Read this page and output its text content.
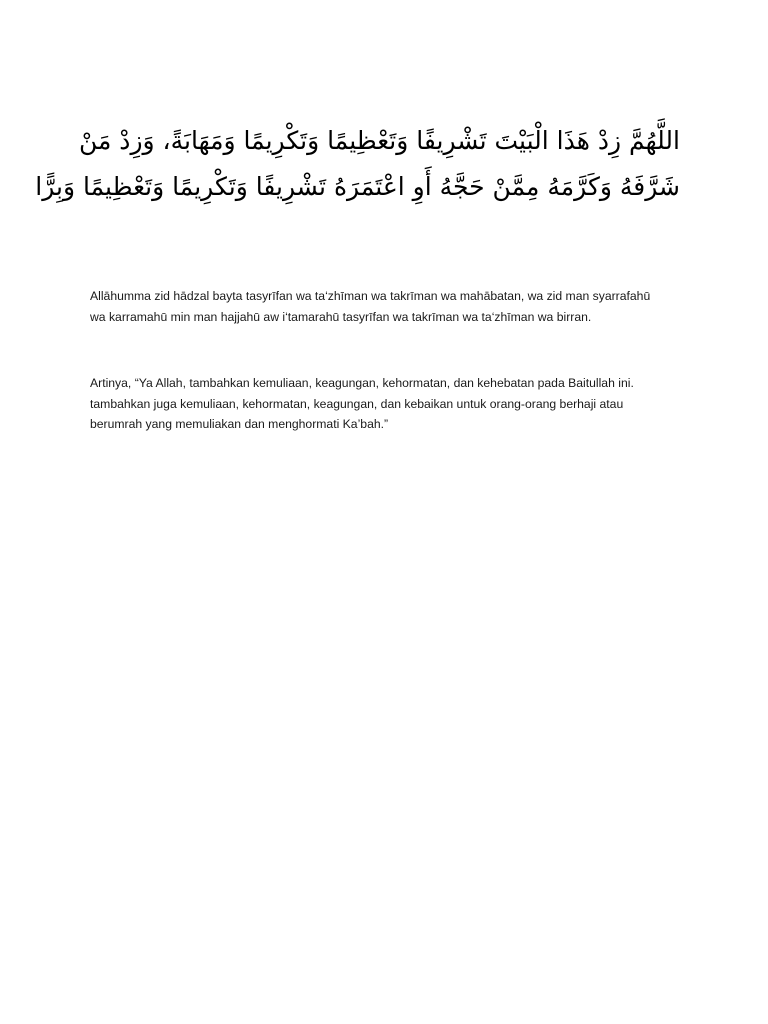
اللَّهُمَّ زِدْ هَذَا الْبَيْتَ تَشْرِيفًا وَتَعْظِيمًا وَتَكْرِيمًا وَمَهَابَةً، وَزِدْ مَنْ
شَرَّفَهُ وَكَرَّمَهُ مِمَّنْ حَجَّهُ أَوِ اعْتَمَرَهُ تَشْرِيفًا وَتَكْرِيمًا وَتَعْظِيمًا وَبِرًّا
Allāhumma zid hādzal bayta tasyrīfan wa ta‘zhīman wa takrīman wa mahābatan, wa zid man syarrafahū
wa karramahū min man hajjahū aw i‘tamarahū tasyrīfan wa takrīman wa ta‘zhīman wa birran.
Artinya, “Ya Allah, tambahkan kemuliaan, keagungan, kehormatan, dan kehebatan pada Baitullah ini.
tambahkan juga kemuliaan, kehormatan, keagungan, dan kebaikan untuk orang-orang berhaji atau
berumrah yang memuliakan dan menghormati Ka’bah.”
